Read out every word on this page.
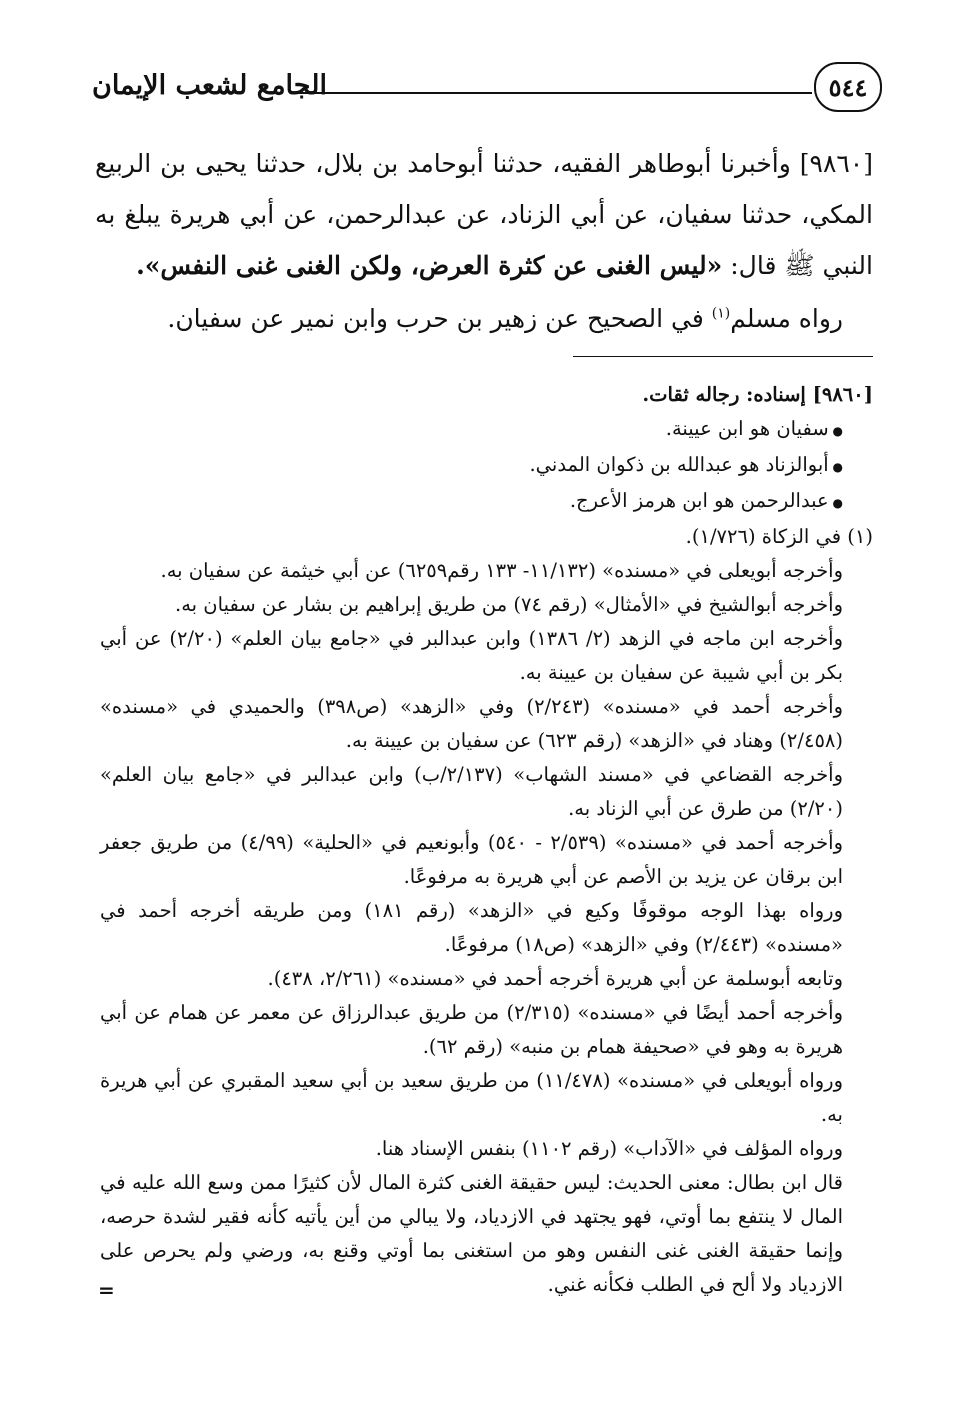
الجامع لشعب الإيمان	٥٤٤

[٩٨٦٠] وأخبرنا أبوطاهر الفقيه، حدثنا أبوحامد بن بلال، حدثنا يحيى بن الربيع المكي، حدثنا سفيان، عن أبي الزناد، عن عبدالرحمن، عن أبي هريرة يبلغ به النبي ﷺ قال: «ليس الغنى عن كثرة العرض، ولكن الغنى غنى النفس».

رواه مسلم$^{(١)}$ في الصحيح عن زهير بن حرب وابن نمير عن سفيان.

[٩٨٦٠] إسناده: رجاله ثقات.

● سفيان هو ابن عيينة.

● أبوالزناد هو عبدالله بن ذكوان المدني.

● عبدالرحمن هو ابن هرمز الأعرج.

(١) في الزكاة (١/٧٢٦).

وأخرجه أبويعلى في «مسنده» (١١/١٣٢- ١٣٣ رقم٦٢٥٩) عن أبي خيثمة عن سفيان به.

وأخرجه أبوالشيخ في «الأمثال» (رقم ٧٤) من طريق إبراهيم بن بشار عن سفيان به.

وأخرجه ابن ماجه في الزهد (٢/ ١٣٨٦) وابن عبدالبر في «جامع بيان العلم» (٢/٢٠) عن أبي بكر بن أبي شيبة عن سفيان بن عيينة به.

وأخرجه أحمد في «مسنده» (٢/٢٤٣) وفي «الزهد» (ص٣٩٨) والحميدي في «مسنده» (٢/٤٥٨) وهناد في «الزهد» (رقم ٦٢٣) عن سفيان بن عيينة به.

وأخرجه القضاعي في «مسند الشهاب» (٢/١٣٧/ب) وابن عبدالبر في «جامع بيان العلم» (٢/٢٠) من طرق عن أبي الزناد به.

وأخرجه أحمد في «مسنده» (٢/٥٣٩ - ٥٤٠) وأبونعيم في «الحلية» (٤/٩٩) من طريق جعفر ابن برقان عن يزيد بن الأصم عن أبي هريرة به مرفوعًا.

ورواه بهذا الوجه موقوفًا وكيع في «الزهد» (رقم ١٨١) ومن طريقه أخرجه أحمد في «مسنده» (٢/٤٤٣) وفي «الزهد» (ص١٨) مرفوعًا.

وتابعه أبوسلمة عن أبي هريرة أخرجه أحمد في «مسنده» (٢/٢٦١، ٤٣٨).

وأخرجه أحمد أيضًا في «مسنده» (٢/٣١٥) من طريق عبدالرزاق عن معمر عن همام عن أبي هريرة به وهو في «صحيفة همام بن منبه» (رقم ٦٢).

ورواه أبويعلى في «مسنده» (١١/٤٧٨) من طريق سعيد بن أبي سعيد المقبري عن أبي هريرة به.

ورواه المؤلف في «الآداب» (رقم ١١٠٢) بنفس الإسناد هنا.

قال ابن بطال: معنى الحديث: ليس حقيقة الغنى كثرة المال لأن كثيرًا ممن وسع الله عليه في المال لا ينتفع بما أوتي، فهو يجتهد في الازدياد، ولا يبالي من أين يأتيه كأنه فقير لشدة حرصه، وإنما حقيقة الغنى غنى النفس وهو من استغنى بما أوتي وقنع به، ورضي ولم يحرص على الازدياد ولا ألح في الطلب فكأنه غني.

=
